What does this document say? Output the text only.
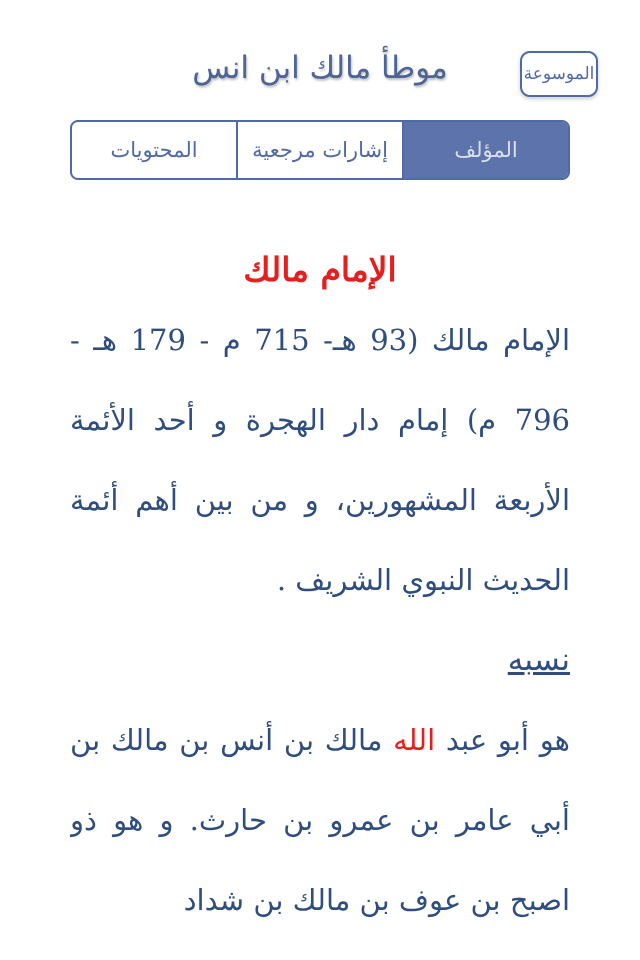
موطأ مالك ابن انس	الموسوعة
المؤلف
إشارات مرجعية
المحتويات

الإمام مالك

الإمام مالك (93 هـ- 715 م - 179 هـ - 796 م) إمام دار الهجرة و أحد الأئمة الأربعة المشهورين، و من بين أهم أئمة الحديث النبوي الشريف .

نسبه

هو أبو عبد الله مالك بن أنس بن مالك بن أبي عامر بن عمرو بن حارث. و هو ذو اصبح بن عوف بن مالك بن شداد
